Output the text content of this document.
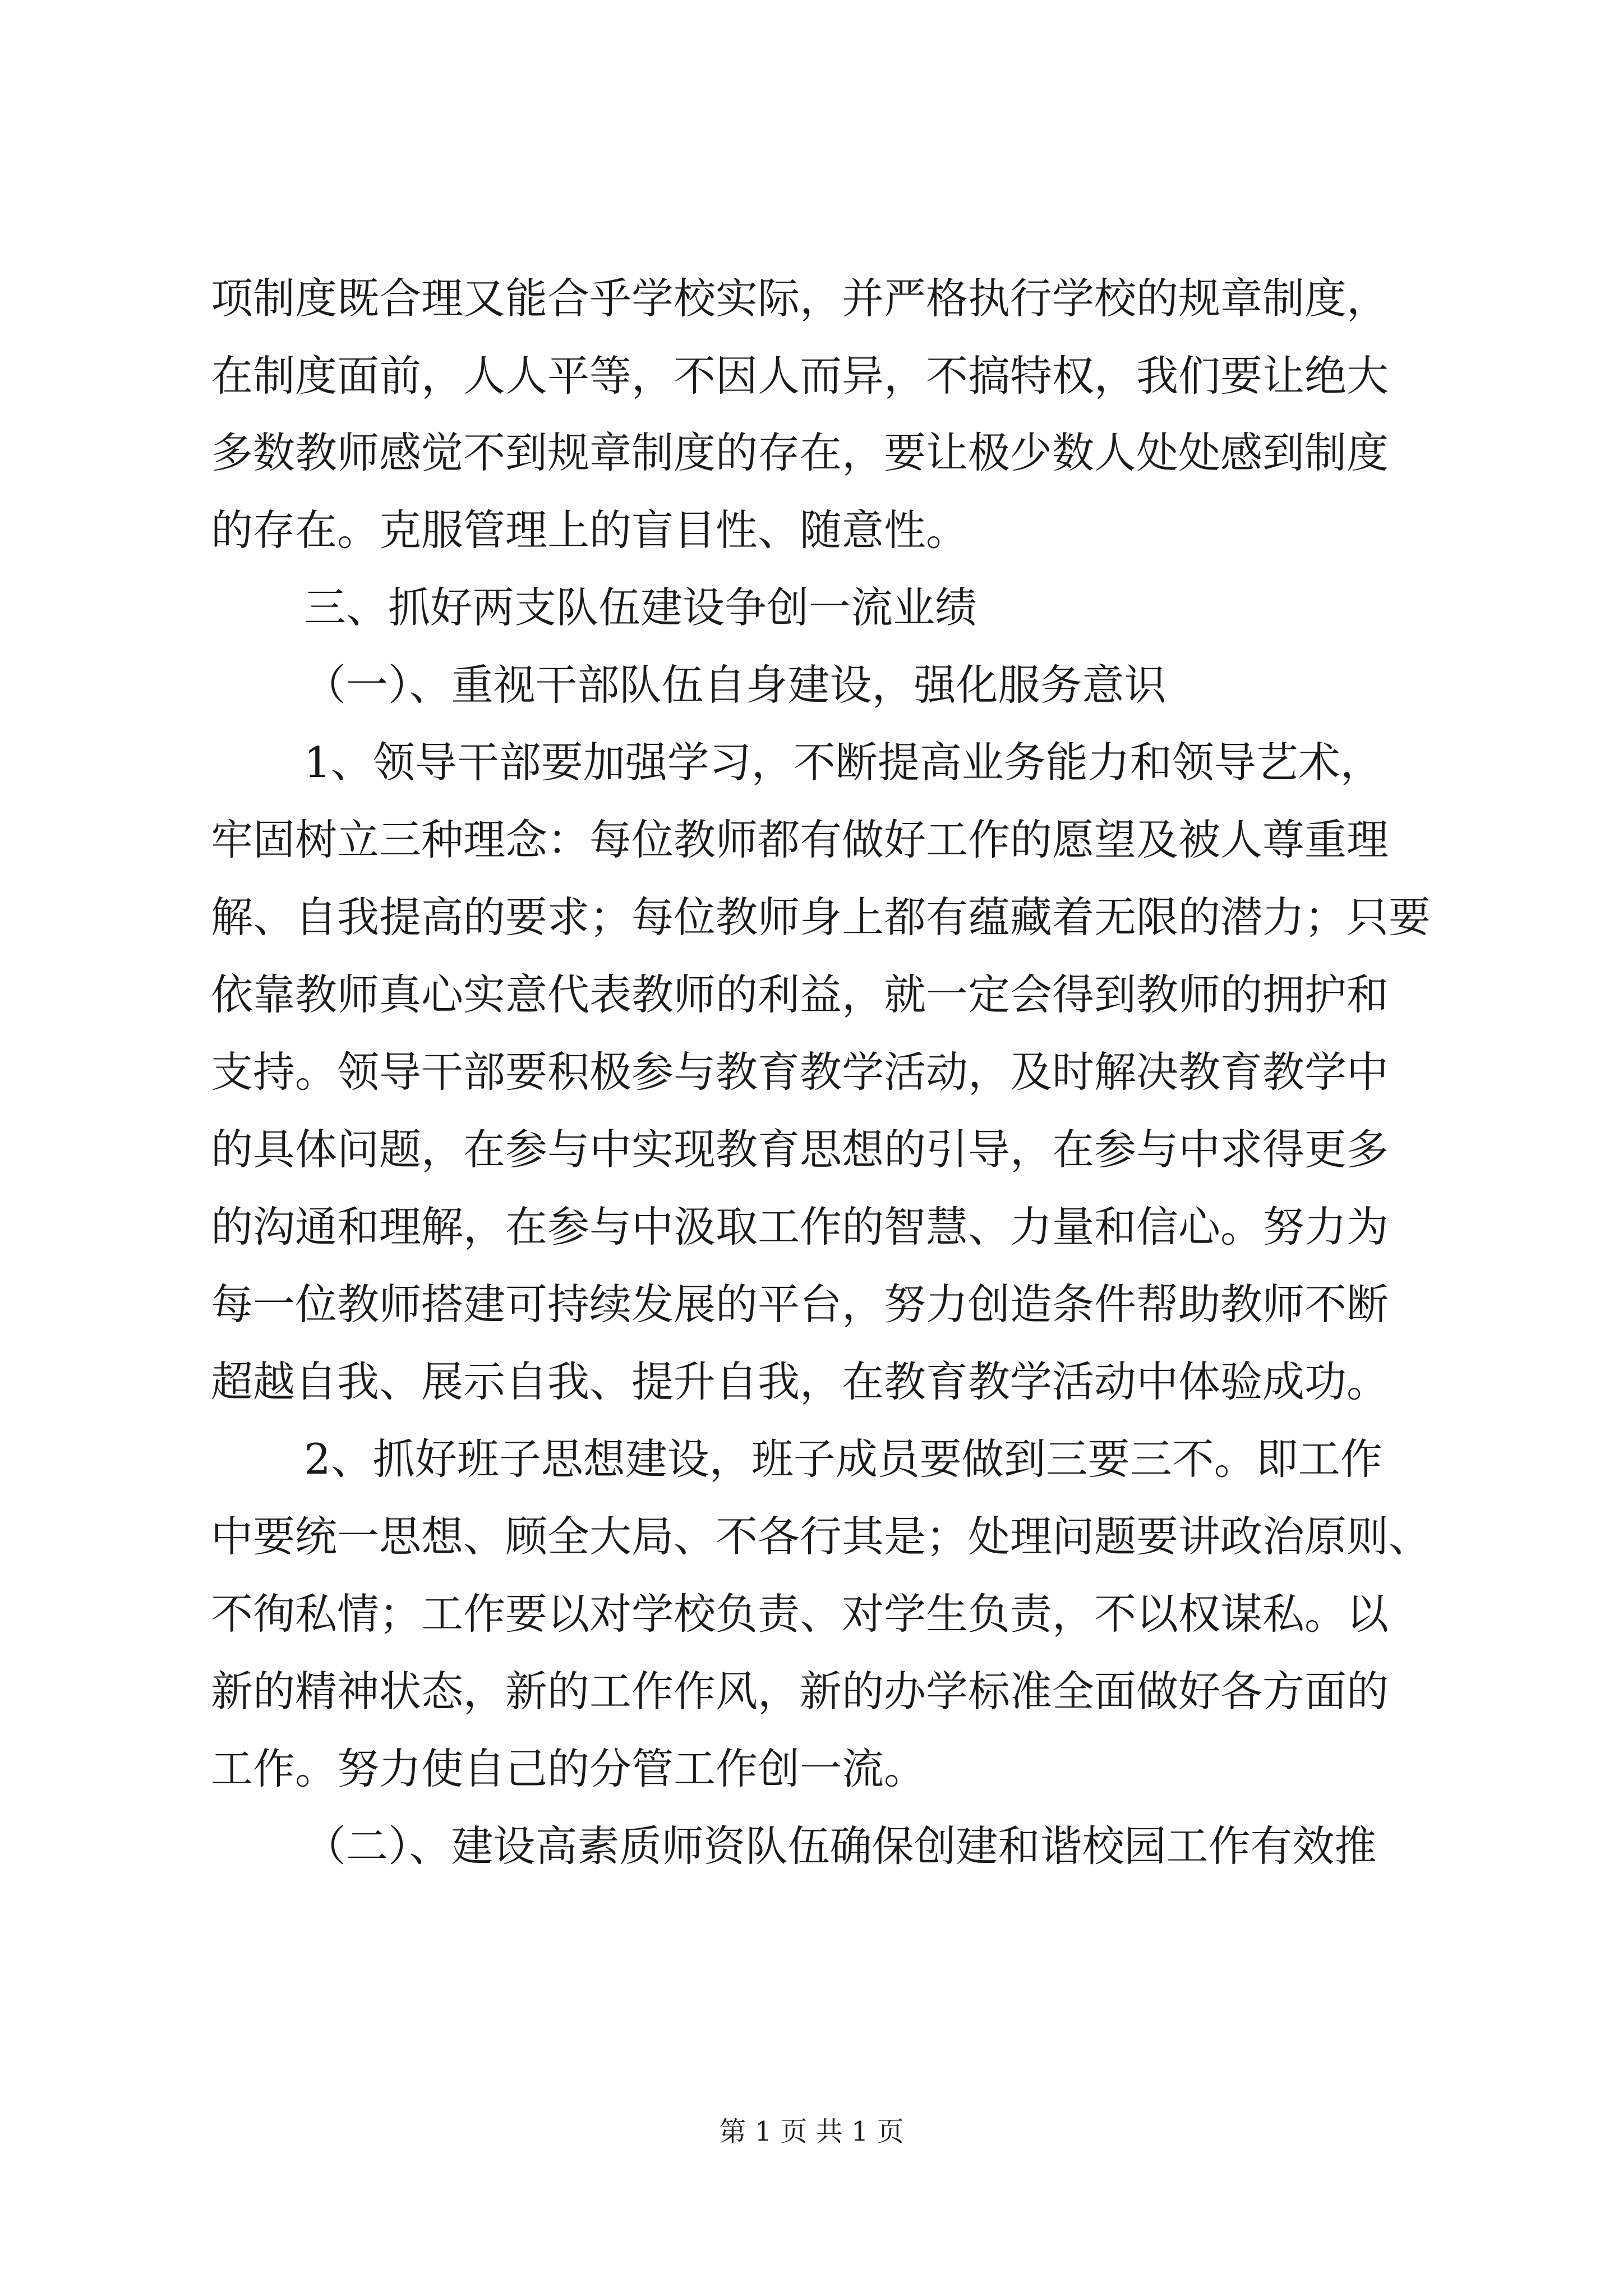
项制度既合理又能合乎学校实际，并严格执行学校的规章制度，
在制度面前，人人平等，不因人而异，不搞特权，我们要让绝大
多数教师感觉不到规章制度的存在，要让极少数人处处感到制度
的存在。克服管理上的盲目性、随意性。
三、抓好两支队伍建设争创一流业绩
（一）、重视干部队伍自身建设，强化服务意识
1、领导干部要加强学习，不断提高业务能力和领导艺术，
牢固树立三种理念：每位教师都有做好工作的愿望及被人尊重理
解、自我提高的要求；每位教师身上都有蕴藏着无限的潜力；只要
依靠教师真心实意代表教师的利益，就一定会得到教师的拥护和
支持。领导干部要积极参与教育教学活动，及时解决教育教学中
的具体问题，在参与中实现教育思想的引导，在参与中求得更多
的沟通和理解，在参与中汲取工作的智慧、力量和信心。努力为
每一位教师搭建可持续发展的平台，努力创造条件帮助教师不断
超越自我、展示自我、提升自我，在教育教学活动中体验成功。
2、抓好班子思想建设，班子成员要做到三要三不。即工作
中要统一思想、顾全大局、不各行其是；处理问题要讲政治原则、
不徇私情；工作要以对学校负责、对学生负责，不以权谋私。以
新的精神状态，新的工作作风，新的办学标准全面做好各方面的
工作。努力使自己的分管工作创一流。
（二）、建设高素质师资队伍确保创建和谐校园工作有效推
第 1 页 共 1 页
